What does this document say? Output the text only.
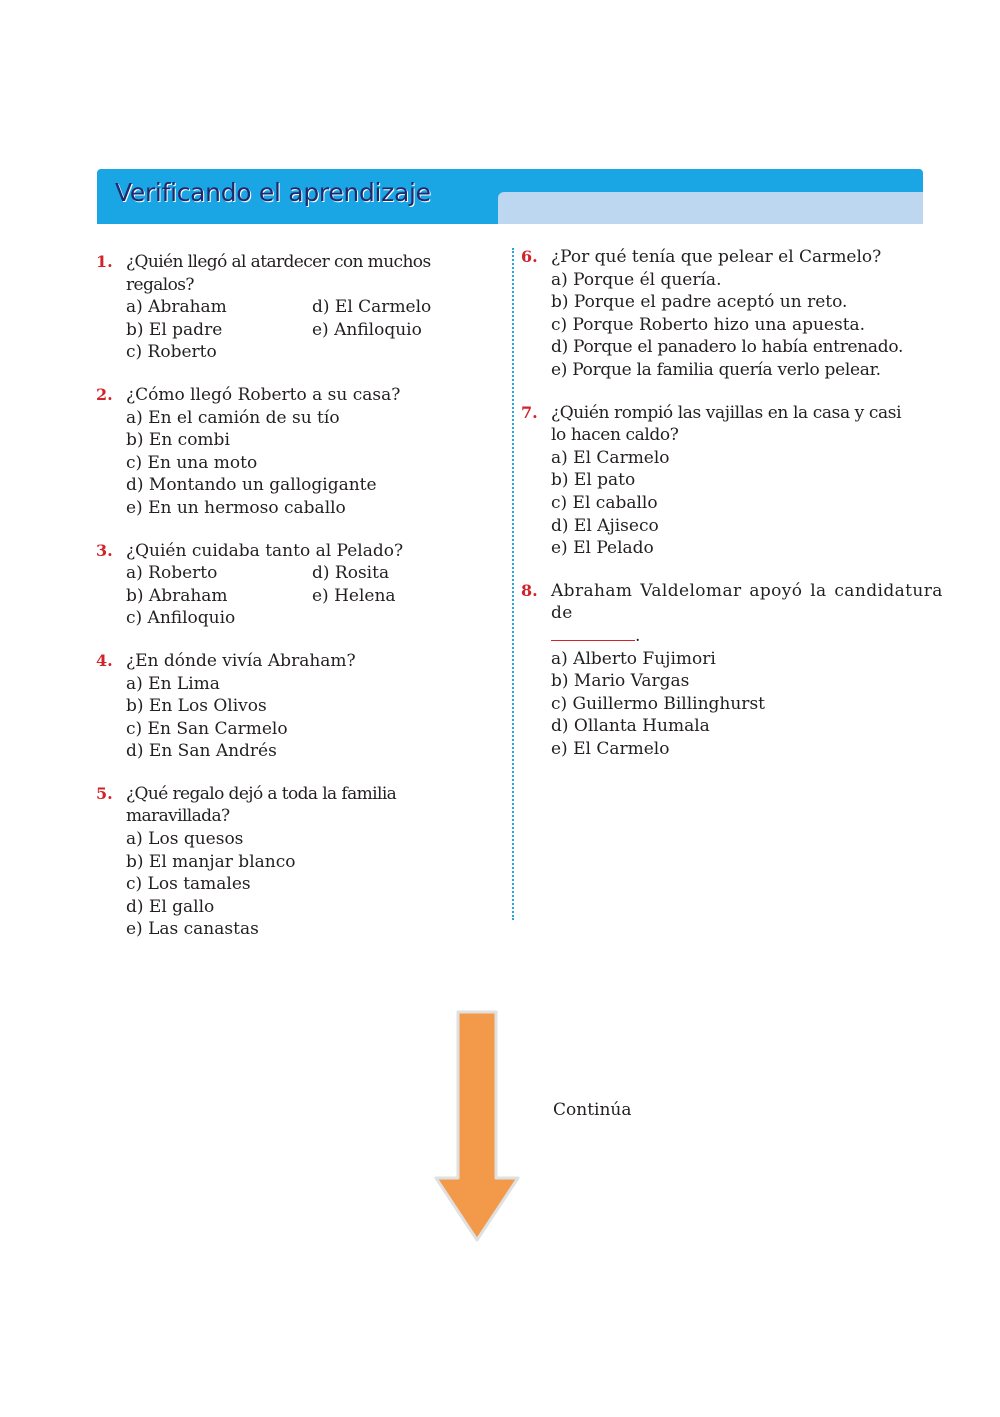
Verificando el aprendizaje
1. ¿Quién llegó al atardecer con muchos regalos?
a) Abraham	d) El Carmelo
b) El padre	e) Anfiloquio
c) Roberto
2. ¿Cómo llegó Roberto a su casa?
a) En el camión de su tío
b) En combi
c) En una moto
d) Montando un gallogigante
e) En un hermoso caballo
3. ¿Quién cuidaba tanto al Pelado?
a) Roberto	d) Rosita
b) Abraham	e) Helena
c) Anfiloquio
4. ¿En dónde vivía Abraham?
a) En Lima
b) En Los Olivos
c) En San Carmelo
d) En San Andrés
5. ¿Qué regalo dejó a toda la familia maravillada?
a) Los quesos
b) El manjar blanco
c) Los tamales
d) El gallo
e) Las canastas
6. ¿Por qué tenía que pelear el Carmelo?
a) Porque él quería.
b) Porque el padre aceptó un reto.
c) Porque Roberto hizo una apuesta.
d) Porque el panadero lo había entrenado.
e) Porque la familia quería verlo pelear.
7. ¿Quién rompió las vajillas en la casa y casi lo hacen caldo?
a) El Carmelo
b) El pato
c) El caballo
d) El Ajiseco
e) El Pelado
8. Abraham Valdelomar apoyó la candidatura de
.
a) Alberto Fujimori
b) Mario Vargas
c) Guillermo Billinghurst
d) Ollanta Humala
e) El Carmelo
Continúa
